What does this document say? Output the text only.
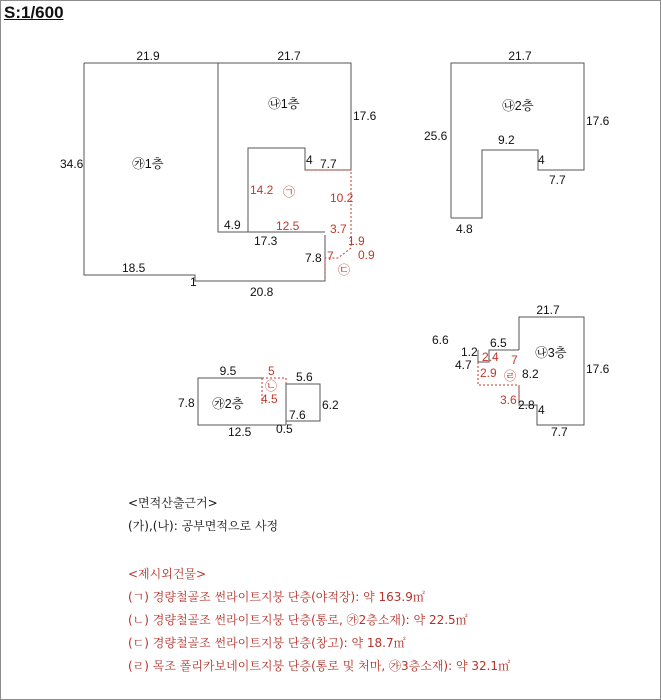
S:1/600
21.9	21.7
17.6
34.6
㉯1층
㉮1층	4 7.7
4.9
17.3
18.5
1
20.8
7.8
14.2
10.2
12.5	3.7
1.9
0.9
7
㉠
㉢
21.7
25.6
17.6
㉯2층
9.2
4
7.7
4.8
21.7
6.6	6.5
1.2
4.7
8.2	17.6
2.8 4
7.7
㉯3층
2.4 7
2.9
3.6
㉣
9.5	5.6
7.8	6.2
7.6
12.5 0.5
㉮2층
5
4.5
㉡
<면적산출근거>
(가),(나): 공부면적으로 사정
<제시외건물>
(ㄱ) 경량철골조 썬라이트지붕 단층(야적장): 약 163.9㎡
(ㄴ) 경량철골조 썬라이트지붕 단층(통로, ㉮2층소재): 약 22.5㎡
(ㄷ) 경량철골조 썬라이트지붕 단층(창고): 약 18.7㎡
(ㄹ) 목조 폴리카보네이트지붕 단층(통로 및 처마, ㉮3층소재): 약 32.1㎡
